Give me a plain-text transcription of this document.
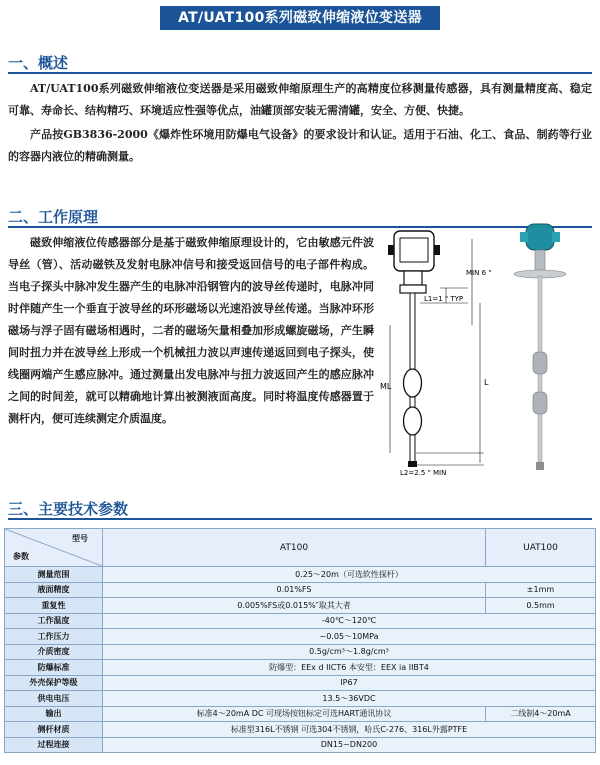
AT/UAT100系列磁致伸缩液位变送器
一、概述
AT/UAT100系列磁致伸缩液位变送器是采用磁致伸缩原理生产的高精度位移测量传感器，具有测量精度高、稳定可靠、寿命长、结构精巧、环境适应性强等优点，油罐顶部安装无需清罐，安全、方便、快捷。
产品按GB3836-2000《爆炸性环境用防爆电气设备》的要求设计和认证。适用于石油、化工、食品、制药等行业的容器内液位的精确测量。
二、工作原理
磁致伸缩液位传感器部分是基于磁致伸缩原理设计的，它由敏感元件波导丝（管）、活动磁铁及发射电脉冲信号和接受返回信号的电子部件构成。当电子探头中脉冲发生器产生的电脉冲沿钢管内的波导丝传递时，电脉冲同时伴随产生一个垂直于波导丝的环形磁场以光速沿波导丝传递。当脉冲环形磁场与浮子固有磁场相遇时，二者的磁场矢量相叠加形成螺旋磁场，产生瞬间时扭力并在波导丝上形成一个机械扭力波以声速传递返回到电子探头，使线圈两端产生感应脉冲。通过测量出发电脉冲与扭力波返回产生的感应脉冲之间的时间差，就可以精确地计算出被测液面高度。同时将温度传感器置于测杆内，便可连续测定介质温度。
L1=1 " TYP
MIN 6 "
ML	L
L2=2.5 " MIN
三、主要技术参数
型号
参数	AT100	UAT100
测量范围	0.25～20m（可选软性探杆）	
液面精度	0.01%FS	±1mm
重复性	0.005%FS或0.015%″取其大者	0.5mm
工作温度	-40℃～120℃	
工作压力	~0.05～10MPa	
介质密度	0.5g/cm³～1.8g/cm³	
防爆标准	防爆型：EEx d IICT6 本安型：EEX ia IIBT4	
外壳保护等级	IP67	
供电电压	13.5～36VDC	
输出	标准4～20mA DC 可现场按钮标定可选HART通讯协议	二线制4～20mA
侧杆材质	标准型316L不锈钢 可选304不锈钢，哈氏C-276、316L外露PTFE	
过程连接	DN15~DN200	
